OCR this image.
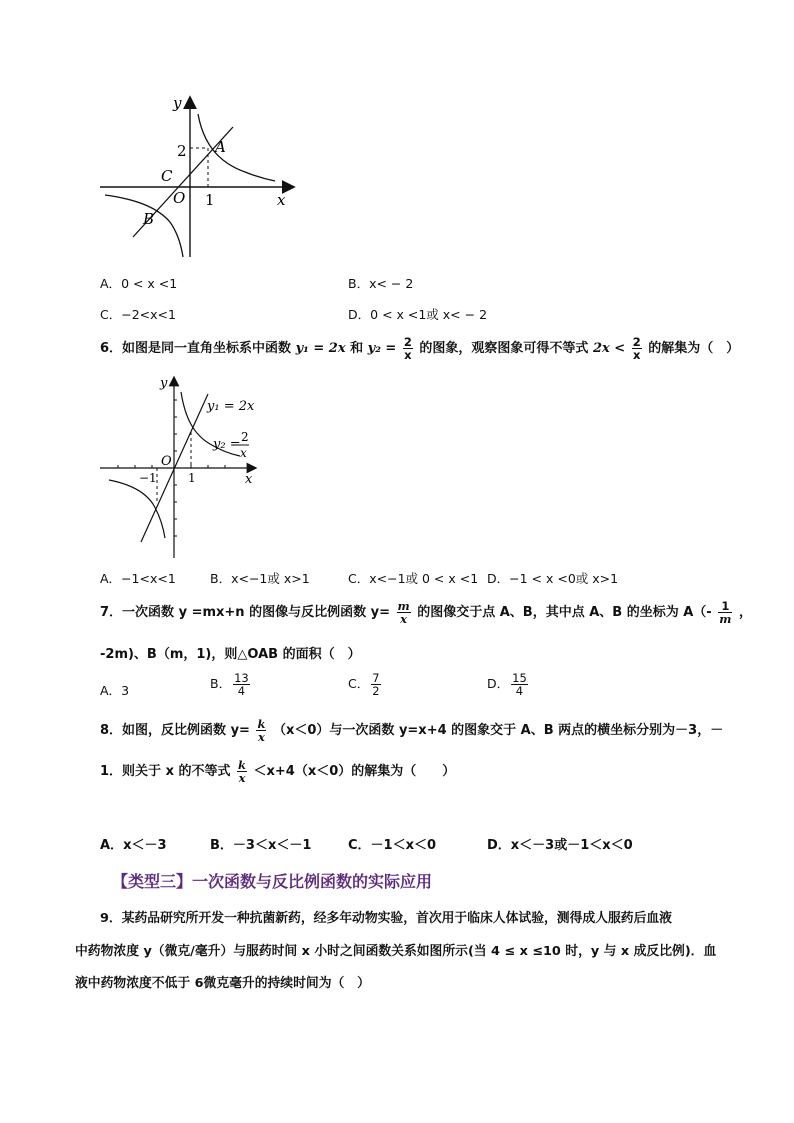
y
x
2
1
O
A
C
B
A．0 < x <1	B．x< − 2
C．−2<x<1	D．0 < x <1或 x< − 2
6．如图是同一直角坐标系中函数 y₁ = 2x 和 $y_2 = \frac{2}{x}$ 的图象，观察图象可得不等式 $2x < \frac{2}{x}$ 的解集为（　）
y
x
O
−1	1
y₁ = 2x
y₂ = 2
x
A．−1<x<1	B．x<−1或 x>1	C．x<−1或 0 < x <1 D．−1 < x <0或 x>1
7．一次函数 y =mx+n 的图像与反比例函数 $y= \frac{m}{x}$ 的图像交于点 A、B，其中点 A、B 的坐标为 $A(- \frac{1}{m}$ ，
-2m)、B（m，1)，则△OAB 的面积（　）
A．3	B． $\frac{13}{4}$	C． $\frac{7}{2}$	D． $\frac{15}{4}$
8．如图，反比例函数 $y= \frac{k}{x} (x<0)$与一次函数 y=x+4 的图象交于 A、B 两点的横坐标分别为－3，－
1．则关于 x 的不等式 $\frac{k}{x} <x+4(x<0)$的解集为（　　）
A．x＜－3	B．－3＜x＜－1	C．－1＜x＜0	D．x＜－3或－1＜x＜0
【类型三】一次函数与反比例函数的实际应用
9．某药品研究所开发一种抗菌新药，经多年动物实验，首次用于临床人体试验，测得成人服药后血液
中药物浓度 y（微克/毫升）与服药时间 x 小时之间函数关系如图所示(当 4 ≤ x ≤10 时，y 与 x 成反比例)．血
液中药物浓度不低于 6微克毫升的持续时间为（　）
